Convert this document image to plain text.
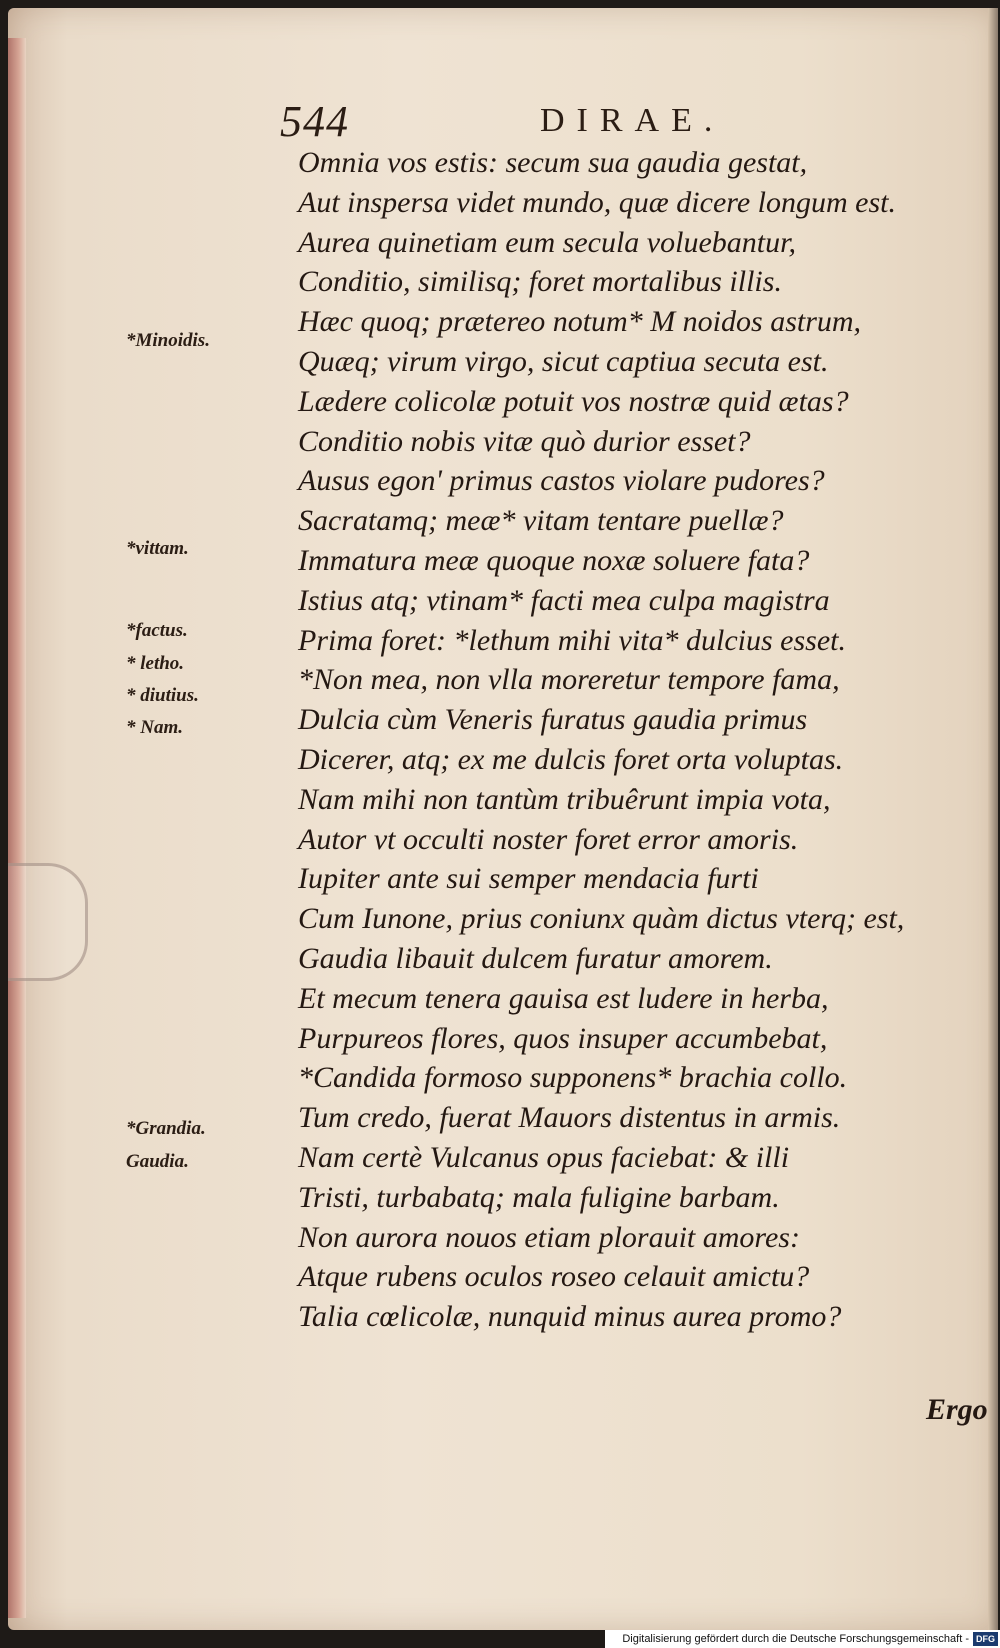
544	DIRAE.
Omnia vos estis: secum sua gaudia gestat,
Aut inspersa videt mundo, quæ dicere longum est.
Aurea quinetiam eum secula voluebantur,
Conditio, similisq; foret mortalibus illis.
Hæc quoq; prætereo notum* M noidos astrum,
Quæq; virum virgo, sicut captiua secuta est.
Lædere colicolæ potuit vos nostræ quid ætas?
Conditio nobis vitæ quò durior esset?
Ausus egon' primus castos violare pudores?
Sacratamq; meæ* vitam tentare puellæ?
Immatura meæ quoque noxæ soluere fata?
Istius atq; vtinam* facti mea culpa magistra
Prima foret: *lethum mihi vita* dulcius esset.
*Non mea, non vlla moreretur tempore fama,
Dulcia cùm Veneris furatus gaudia primus
Dicerer, atq; ex me dulcis foret orta voluptas.
Nam mihi non tantùm tribuêrunt impia vota,
Autor vt occulti noster foret error amoris.
Iupiter ante sui semper mendacia furti
Cum Iunone, prius coniunx quàm dictus vterq; est,
Gaudia libauit dulcem furatur amorem.
Et mecum tenera gauisa est ludere in herba,
Purpureos flores, quos insuper accumbebat,
*Candida formoso supponens* brachia collo.
Tum credo, fuerat Mauors distentus in armis.
Nam certè Vulcanus opus faciebat: & illi
Tristi, turbabatq; mala fuligine barbam.
Non aurora nouos etiam plorauit amores:
Atque rubens oculos roseo celauit amictu?
Talia cœlicolæ, nunquid minus aurea promo?
*Minoidis.
*vittam.
*factus.
* letho.
* diutius.
* Nam.
*Grandia.
Gaudia.
Ergo
Digitalisierung gefördert durch die Deutsche Forschungsgemeinschaft - DFG
